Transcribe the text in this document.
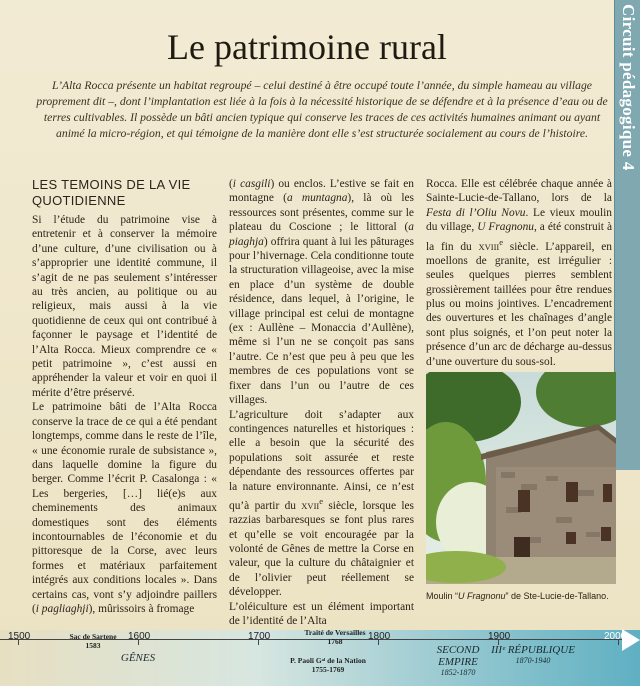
Circuit pédagogique 4
Le patrimoine rural

L’Alta Rocca présente un habitat regroupé – celui destiné à être occupé toute l’année, du simple hameau au village proprement dit –, dont l’implantation est liée à la fois à la nécessité historique de se défendre et à la présence d’eau ou de terres cultivables. Il possède un bâti ancien typique qui conserve les traces de ces activités humaines animant ou ayant animé la micro-région, et qui témoigne de la manière dont elle s’est structurée socialement au cours de l’histoire.

LES TEMOINS DE LA VIE QUOTIDIENNE

Si l’étude du patrimoine vise à entretenir et à conserver la mémoire d’une culture, d’une civilisation ou à s’approprier une identité commune, il s’agit de ne pas seulement s’intéresser au très ancien, au politique ou au religieux, mais aussi à la vie quotidienne de ceux qui ont contribué à façonner le paysage et l’identité de l’Alta Rocca. Mieux comprendre ce « petit patrimoine », c’est aussi en appréhender la valeur et voir en quoi il mérite d’être préservé.

Le patrimoine bâti de l’Alta Rocca conserve la trace de ce qui a été pendant longtemps, comme dans le reste de l’île, « une économie rurale de subsistance », dans laquelle domine la figure du berger. Comme l’écrit P. Casalonga : « Les bergeries, […] lié(e)s aux cheminements des animaux domestiques sont des éléments incontournables de l’économie et du pittoresque de la Corse, avec leurs formes et matériaux parfaitement intégrés aux conditions locales ». Dans certains cas, vont s’y adjoindre paillers (i pagliaghji), mûrissoirs à fromage

(i casgili) ou enclos. L’estive se fait en montagne (a muntagna), là où les ressources sont présentes, comme sur le plateau du Coscione ; le littoral (a piaghja) offrira quant à lui les pâturages pour l’hivernage. Cela conditionne toute la structuration villageoise, avec la mise en place d’un système de double résidence, dans lequel, à l’origine, le village principal est celui de montagne (ex : Aullène – Monaccia d’Aullène), même si l’un ne se conçoit pas sans l’autre. Ce n’est que peu à peu que les membres de ces populations vont se fixer dans l’un ou l’autre de ces villages.

L’agriculture doit s’adapter aux contingences naturelles et historiques : elle a besoin que la sécurité des populations soit assurée et reste dépendante des ressources offertes par la nature environnante. Ainsi, ce n’est qu’à partir du XVIIe siècle, lorsque les razzias barbaresques se font plus rares et qu’elle se voit encouragée par la volonté de Gênes de mettre la Corse en valeur, que la culture du châtaignier et de l’olivier peut réellement se développer.

L’oléiculture est un élément important de l’identité de l’Alta

Rocca. Elle est célébrée chaque année à Sainte-Lucie-de-Tallano, lors de la Festa di l’Oliu Novu. Le vieux moulin du village, U Fragnonu, a été construit à la fin du XVIIIe siècle. L’appareil, en moellons de granite, est irrégulier : seules quelques pierres semblent grossièrement taillées pour être rendues plus ou moins jointives. L’encadrement des ouvertures et les chaînages d’angle sont plus soignés, et l’on peut noter la présence d’un arc de décharge au-dessus d’une ouverture du sous-sol.

Moulin “U Fragnonu” de Ste-Lucie-de-Tallano.
1500	1600	1700	1800	1900	2000
Sac de Sartene
1583
Traité de Versailles
1768
P. Paoli Gᵃˡ de la Nation
1755-1769
GÊNES
SECOND EMPIRE
1852-1870
IIIᵉ RÉPUBLIQUE
1870-1940
